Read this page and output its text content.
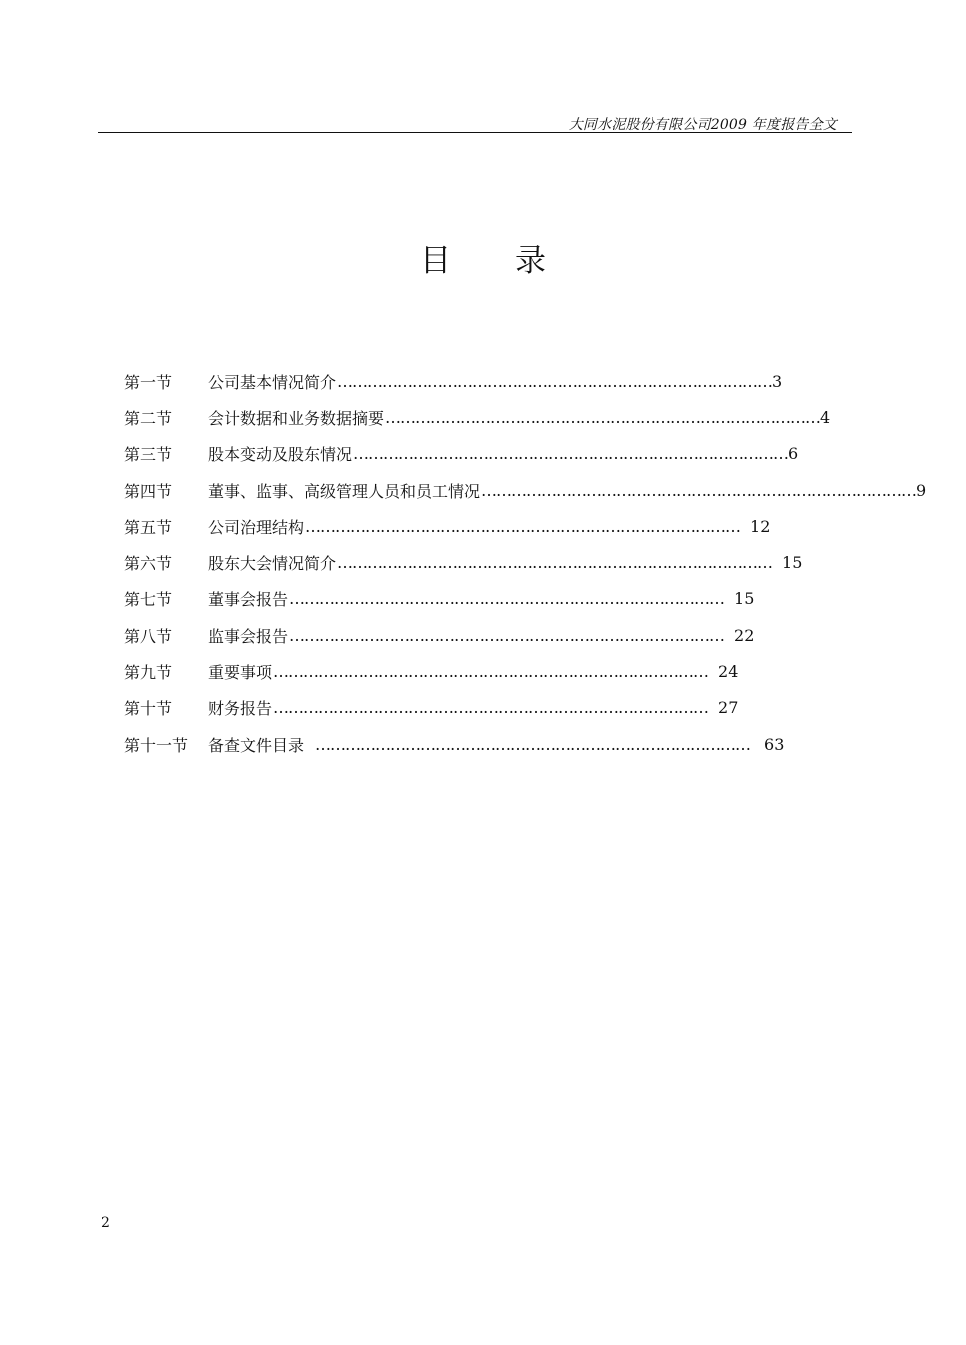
大同水泥股份有限公司2009 年度报告全文
目 录
第一节	公司基本情况简介 …………………………………………………………………………… 3
第二节	会计数据和业务数据摘要 …………………………………………………………………………… 4
第三节	股本变动及股东情况 …………………………………………………………………………… 6
第四节	董事、监事、高级管理人员和员工情况 …………………………………………………………………………… 9
第五节	公司治理结构 …………………………………………………………………………… 12
第六节	股东大会情况简介 …………………………………………………………………………… 15
第七节	董事会报告 …………………………………………………………………………… 15
第八节	监事会报告 …………………………………………………………………………… 22
第九节	重要事项 …………………………………………………………………………… 24
第十节	财务报告 …………………………………………………………………………… 27
第十一节	备查文件目录 …………………………………………………………………………… 63
2
